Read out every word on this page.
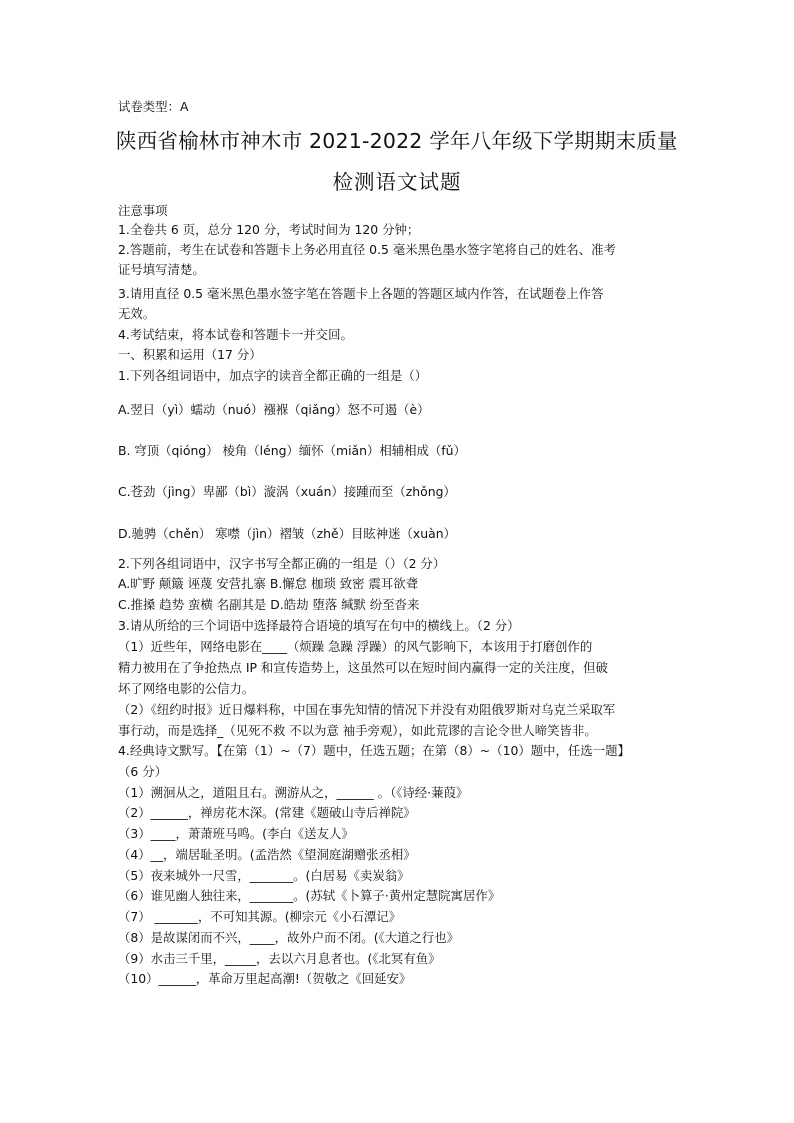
试卷类型：A
陕西省榆林市神木市 2021-2022 学年八年级下学期期末质量
检测语文试题
注意事项
1.全卷共 6 页，总分 120 分，考试时间为 120 分钟；
2.答题前，考生在试卷和答题卡上务必用直径 0.5 毫米黑色墨水签字笔将自己的姓名、准考
证号填写清楚。
3.请用直径 0.5 毫米黑色墨水签字笔在答题卡上各题的答题区域内作答，在试题卷上作答
无效。
4.考试结束，将本试卷和答题卡一并交回。
一、积累和运用（17 分）
1.下列各组词语中，加点字的读音全都正确的一组是（）
A.翌日（yì）蠕动（nuó）襁褓（qiǎng）怒不可遏（è）
B. 穹顶（qióng） 棱角（léng）缅怀（miǎn）相辅相成（fǔ）
C.苍劲（jìng）卑鄙（bì）漩涡（xuán）接踵而至（zhǒng）
D.驰骋（chěn） 寒噤（jìn）褶皱（zhě）目眩神迷（xuàn）
2.下列各组词语中，汉字书写全都正确的一组是（）（2 分）
A.旷野 颠簸 诬蔑 安营扎寨 B.懈怠 枷琐 致密 震耳欲聋
C.推搡 趋势 蛮横 名副其是 D.皓劫 堕落 缄默 纷至沓来
3.请从所给的三个词语中选择最符合语境的填写在句中的横线上。（2 分）
（1）近些年，网络电影在____（烦躁 急躁 浮躁）的风气影响下，本该用于打磨创作的
精力被用在了争抢热点 IP 和宣传造势上，这虽然可以在短时间内赢得一定的关注度，但破
坏了网络电影的公信力。
（2）《纽约时报》近日爆料称，中国在事先知情的情况下并没有劝阻俄罗斯对乌克兰采取军
事行动，而是选择_（见死不救 不以为意 袖手旁观），如此荒谬的言论令世人啼笑皆非。
4.经典诗文默写。【在第（1）~（7）题中，任选五题；在第（8）~（10）题中，任选一题】
（6 分）
（1）溯洄从之，道阻且右。溯游从之，______ 。（《诗经·蒹葭》
（2）______，禅房花木深。(常建《题破山寺后禅院》
（3）____，萧萧班马鸣。(李白《送友人》
（4）__，端居耻圣明。(孟浩然《望洞庭湖赠张丞相》
（5）夜来城外一尺雪，_______。(白居易《卖炭翁》
（6）谁见幽人独往来，_______。(苏轼《卜算子·黄州定慧院寓居作》
（7） _______，不可知其源。(柳宗元《小石潭记》
（8）是故谋闭而不兴，____，故外户而不闭。(《大道之行也》
（9）水击三千里，_____，去以六月息者也。(《北冥有鱼》
（10）______，革命万里起高潮!（贺敬之《回延安》
